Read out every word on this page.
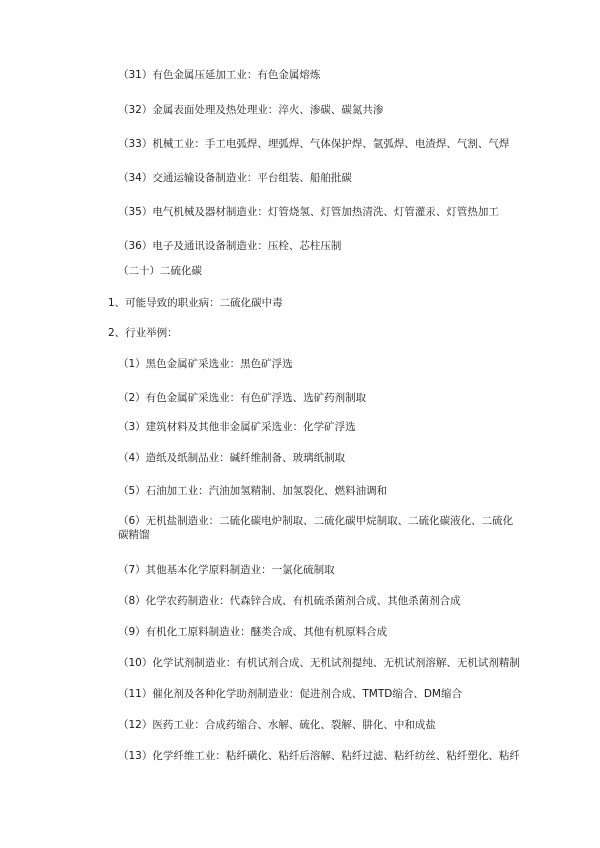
（31）有色金属压延加工业：有色金属熔炼
（32）金属表面处理及热处理业：淬火、渗碳、碳氮共渗
（33）机械工业：手工电弧焊、埋弧焊、气体保护焊、氩弧焊、电渣焊、气割、气焊
（34）交通运输设备制造业：平台组装、船舶批碳
（35）电气机械及器材制造业：灯管烧氢、灯管加热清洗、灯管灌汞、灯管热加工
（36）电子及通讯设备制造业：压栓、芯柱压制
（二十）二硫化碳
1、可能导致的职业病：二硫化碳中毒
2、行业举例：
（1）黑色金属矿采选业：黑色矿浮选
（2）有色金属矿采选业：有色矿浮选、选矿药剂制取
（3）建筑材料及其他非金属矿采选业：化学矿浮选
（4）造纸及纸制品业：碱纤维制备、玻璃纸制取
（5）石油加工业：汽油加氢精制、加氢裂化、燃料油调和
（6）无机盐制造业：二硫化碳电炉制取、二硫化碳甲烷制取、二硫化碳液化、二硫化碳精馏
（7）其他基本化学原料制造业：一氯化硫制取
（8）化学农药制造业：代森锌合成、有机硫杀菌剂合成、其他杀菌剂合成
（9）有机化工原料制造业：醚类合成、其他有机原料合成
（10）化学试剂制造业：有机试剂合成、无机试剂提纯、无机试剂溶解、无机试剂精制
（11）催化剂及各种化学助剂制造业：促进剂合成、TMTD缩合、DM缩合
（12）医药工业：合成药缩合、水解、硫化、裂解、肼化、中和成盐
（13）化学纤维工业：粘纤磺化、粘纤后溶解、粘纤过滤、粘纤纺丝、粘纤塑化、粘纤
